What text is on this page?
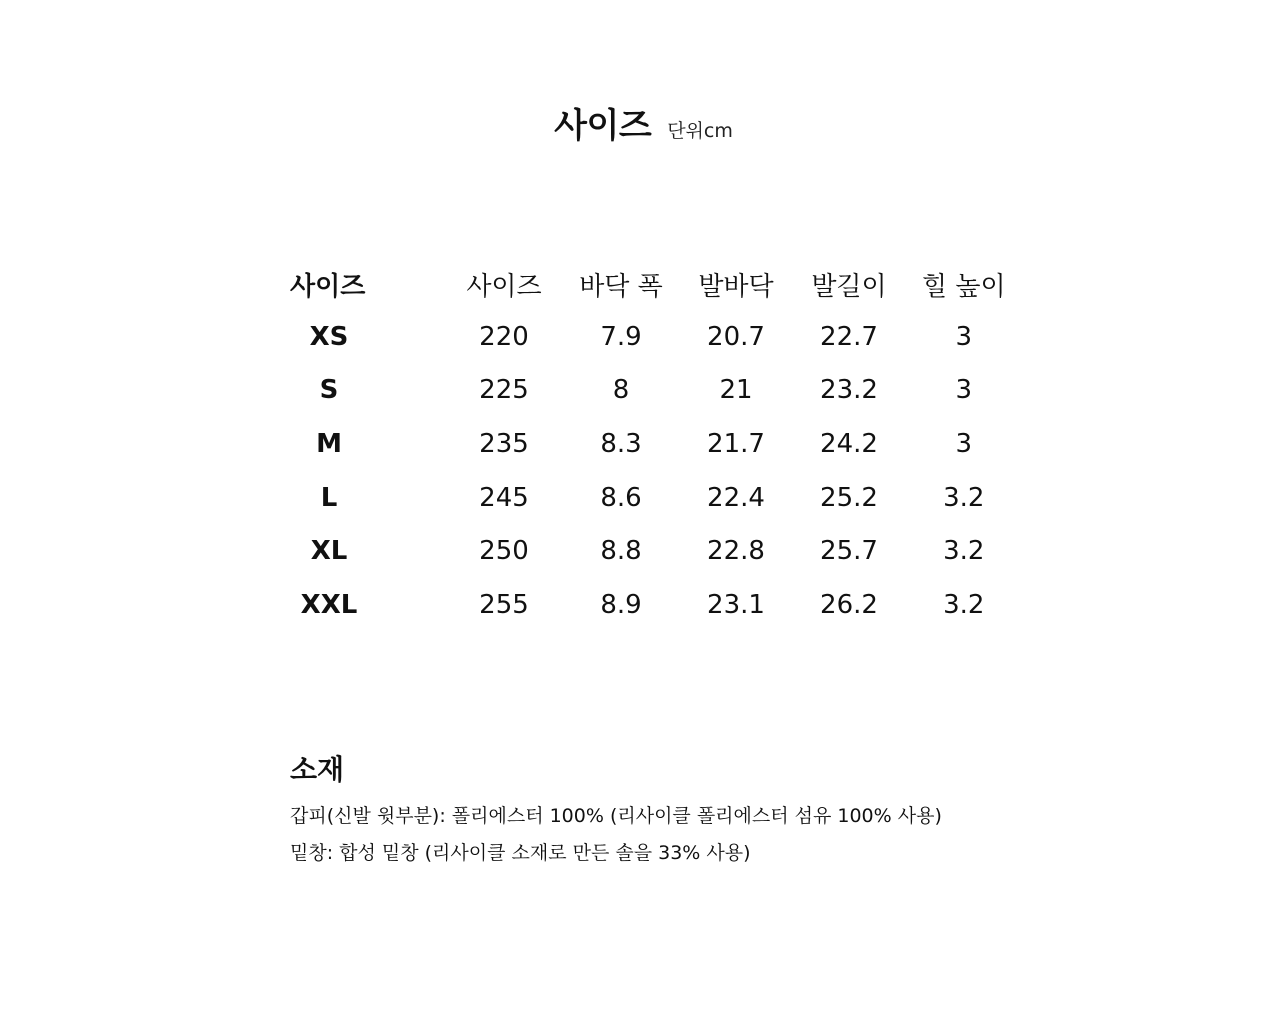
사이즈 단위cm
사이즈	사이즈	바닥 폭	발바닥	발길이	힐 높이
XS	220	7.9	20.7	22.7	3
S	225	8	21	23.2	3
M	235	8.3	21.7	24.2	3
L	245	8.6	22.4	25.2	3.2
XL	250	8.8	22.8	25.7	3.2
XXL	255	8.9	23.1	26.2	3.2
소재

갑피(신발 윗부분): 폴리에스터 100% (리사이클 폴리에스터 섬유 100% 사용)

밑창: 합성 밑창 (리사이클 소재로 만든 솔을 33% 사용)
